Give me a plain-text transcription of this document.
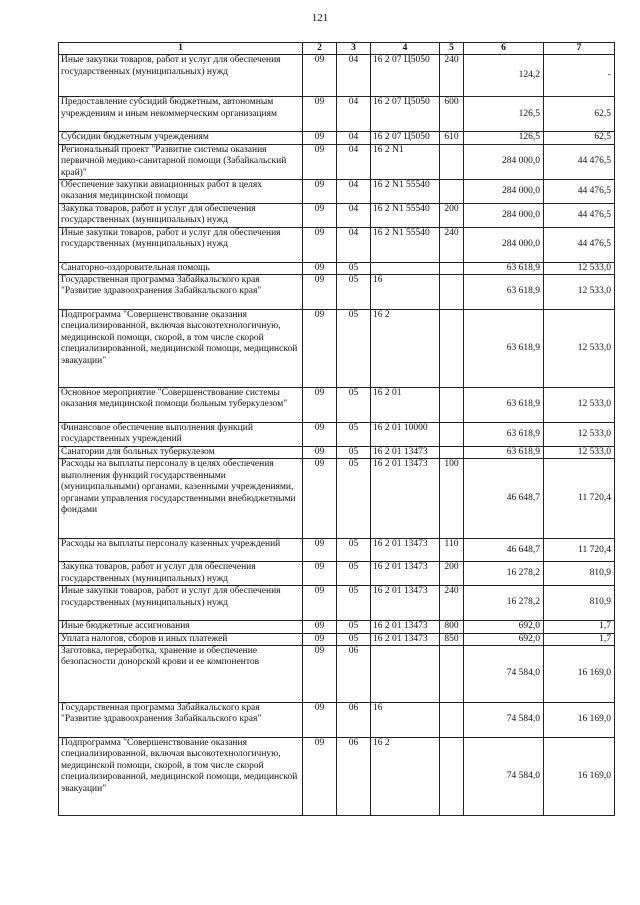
121
1	2	3	4	5	6	7
Иные закупки товаров, работ и услуг для обеспечения государственных (муниципальных) нужд	09	04	16 2 07 Ц5050	240	124,2	-
Предоставление субсидий бюджетным, автономным учреждениям и иным некоммерческим организациям	09	04	16 2 07 Ц5050	600	126,5	62,5
Субсидии бюджетным учреждениям	09	04	16 2 07 Ц5050	610	126,5	62,5
Региональный проект "Развитие системы оказания первичной медико-санитарной помощи (Забайкальский край)"	09	04	16 2 N1		284 000,0	44 476,5
Обеспечение закупки авиационных работ в целях оказания медицинской помощи	09	04	16 2 N1 55540		284 000,0	44 476,5
Закупка товаров, работ и услуг для обеспечения государственных (муниципальных) нужд	09	04	16 2 N1 55540	200	284 000,0	44 476,5
Иные закупки товаров, работ и услуг для обеспечения государственных (муниципальных) нужд	09	04	16 2 N1 55540	240	284 000,0	44 476,5
Санаторно-оздоровительная помощь	09	05			63 618,9	12 533,0
Государственная программа Забайкальского края "Развитие здравоохранения Забайкальского края"	09	05	16		63 618,9	12 533,0
Подпрограмма "Совершенствование оказания специализированной, включая высокотехнологичную, медицинской помощи, скорой, в том числе скорой специализированной, медицинской помощи, медицинской эвакуации"	09	05	16 2		63 618,9	12 533,0
Основное мероприятие "Совершенствование системы оказания медицинской помощи больным туберкулезом"	09	05	16 2 01		63 618,9	12 533,0
Финансовое обеспечение выполнения функций государственных учреждений	09	05	16 2 01 10000		63 618,9	12 533,0
Санатории для больных туберкулезом	09	05	16 2 01 13473		63 618,9	12 533,0
Расходы на выплаты персоналу в целях обеспечения выполнения функций государственными (муниципальными) органами, казенными учреждениями, органами управления государственными внебюджетными фондами	09	05	16 2 01 13473	100	46 648,7	11 720,4
Расходы на выплаты персоналу казенных учреждений	09	05	16 2 01 13473	110	46 648,7	11 720,4
Закупка товаров, работ и услуг для обеспечения государственных (муниципальных) нужд	09	05	16 2 01 13473	200	16 278,2	810,9
Иные закупки товаров, работ и услуг для обеспечения государственных (муниципальных) нужд	09	05	16 2 01 13473	240	16 278,2	810,9
Иные бюджетные ассигнования	09	05	16 2 01 13473	800	692,0	1,7
Уплата налогов, сборов и иных платежей	09	05	16 2 01 13473	850	692,0	1,7
Заготовка, переработка, хранение и обеспечение безопасности донорской крови и ее компонентов	09	06			74 584,0	16 169,0
Государственная программа Забайкальского края "Развитие здравоохранения Забайкальского края"	09	06	16		74 584,0	16 169,0
Подпрограмма "Совершенствование оказания специализированной, включая высокотехнологичную, медицинской помощи, скорой, в том числе скорой специализированной, медицинской помощи, медицинской эвакуации"	09	06	16 2		74 584,0	16 169,0
